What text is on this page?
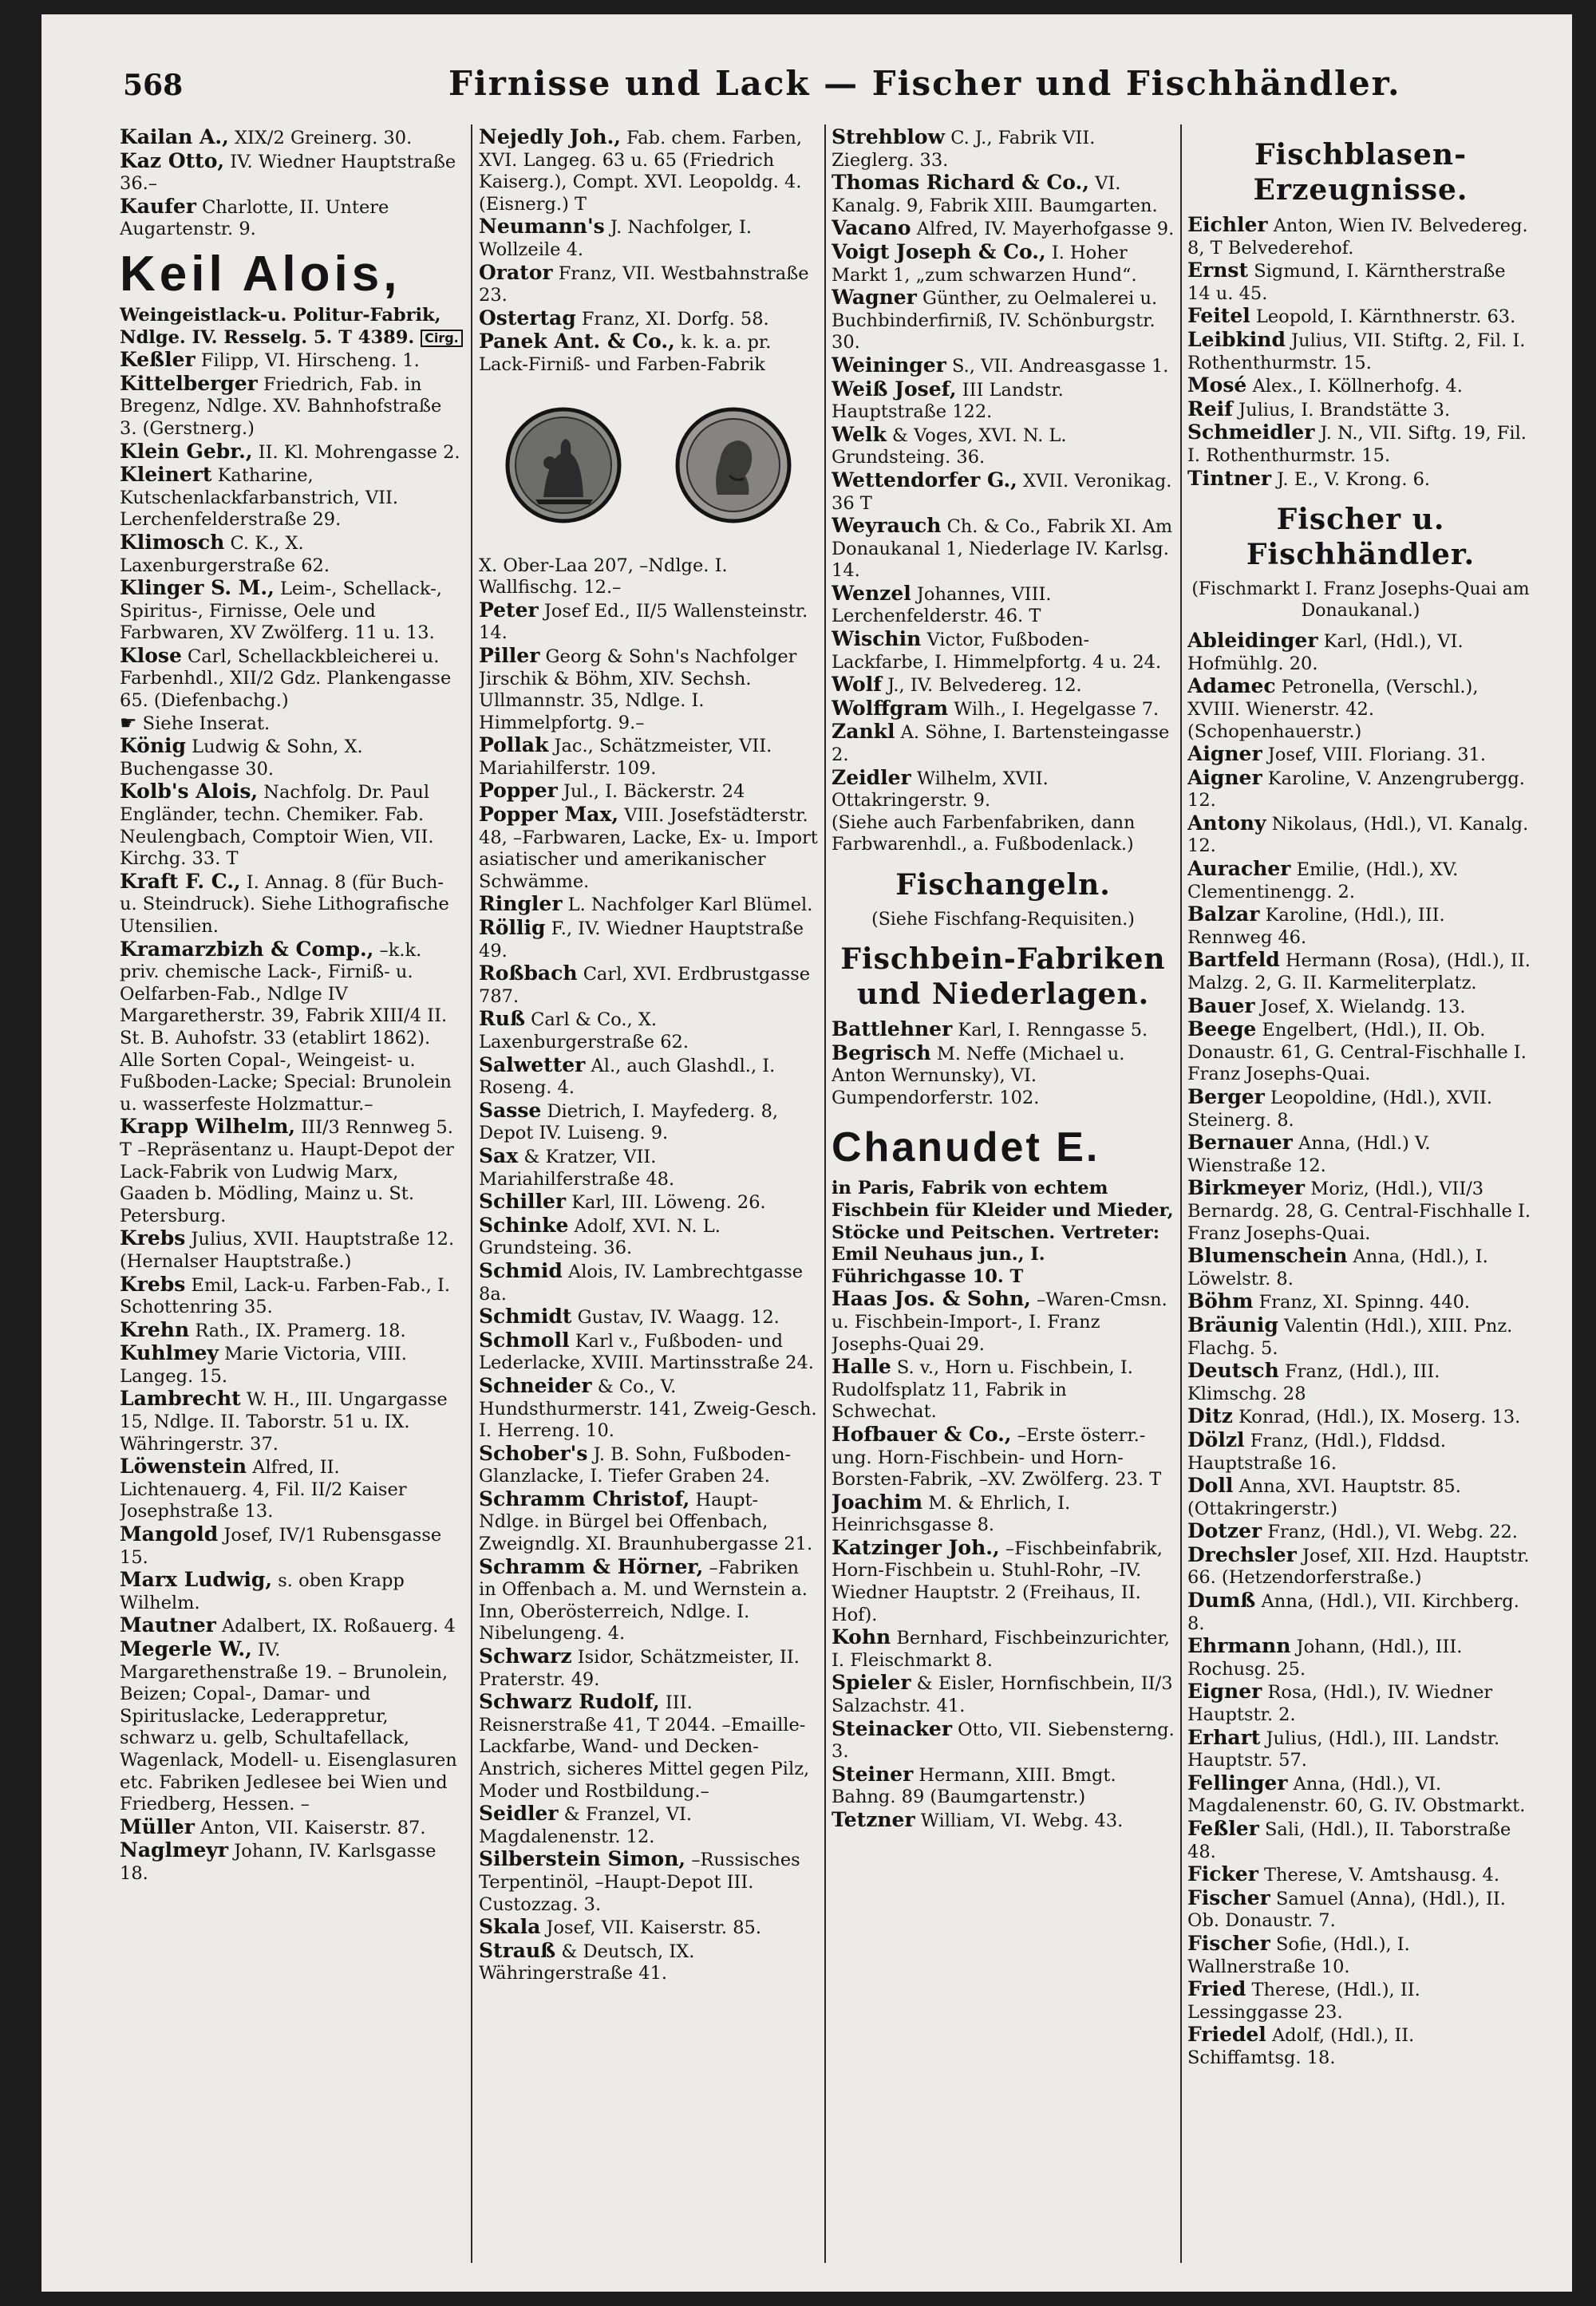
568	Firnisse und Lack — Fischer und Fischhändler.

Kailan A., XIX/2 Greinerg. 30.

Kaz Otto, IV. Wiedner Hauptstraße 36.–

Kaufer Charlotte, II. Untere Augartenstr. 9.

Keil Alois,

Weingeistlack-u. Politur-Fabrik, Ndlge. IV. Resselg. 5. T 4389. Cirg.

Keßler Filipp, VI. Hirscheng. 1.

Kittelberger Friedrich, Fab. in Bregenz, Ndlge. XV. Bahnhofstraße 3. (Gerstnerg.)

Klein Gebr., II. Kl. Mohrengasse 2.

Kleinert Katharine, Kutschenlackfarbanstrich, VII. Lerchenfelderstraße 29.

Klimosch C. K., X. Laxenburgerstraße 62.

Klinger S. M., Leim-, Schellack-, Spiritus-, Firnisse, Oele und Farbwaren, XV Zwölferg. 11 u. 13.

Klose Carl, Schellackbleicherei u. Farbenhdl., XII/2 Gdz. Plankengasse 65. (Diefenbachg.)

☛ Siehe Inserat.

König Ludwig & Sohn, X. Buchengasse 30.

Kolb's Alois, Nachfolg. Dr. Paul Engländer, techn. Chemiker. Fab. Neulengbach, Comptoir Wien, VII. Kirchg. 33. T

Kraft F. C., I. Annag. 8 (für Buch- u. Steindruck). Siehe Lithografische Utensilien.

Kramarzbizh & Comp., –k.k. priv. chemische Lack-, Firniß- u. Oelfarben-Fab., Ndlge IV Margaretherstr. 39, Fabrik XIII/4 II. St. B. Auhofstr. 33 (etablirt 1862). Alle Sorten Copal-, Weingeist- u. Fußboden-Lacke; Special: Brunolein u. wasserfeste Holzmattur.–

Krapp Wilhelm, III/3 Rennweg 5. T –Repräsentanz u. Haupt-Depot der Lack-Fabrik von Ludwig Marx, Gaaden b. Mödling, Mainz u. St. Petersburg.

Krebs Julius, XVII. Hauptstraße 12. (Hernalser Hauptstraße.)

Krebs Emil, Lack-u. Farben-Fab., I. Schottenring 35.

Krehn Rath., IX. Pramerg. 18.

Kuhlmey Marie Victoria, VIII. Langeg. 15.

Lambrecht W. H., III. Ungargasse 15, Ndlge. II. Taborstr. 51 u. IX. Währingerstr. 37.

Löwenstein Alfred, II. Lichtenauerg. 4, Fil. II/2 Kaiser Josephstraße 13.

Mangold Josef, IV/1 Rubensgasse 15.

Marx Ludwig, s. oben Krapp Wilhelm.

Mautner Adalbert, IX. Roßauerg. 4

Megerle W., IV. Margarethenstraße 19. – Brunolein, Beizen; Copal-, Damar- und Spirituslacke, Lederappretur, schwarz u. gelb, Schultafellack, Wagenlack, Modell- u. Eisenglasuren etc. Fabriken Jedlesee bei Wien und Friedberg, Hessen. –

Müller Anton, VII. Kaiserstr. 87.

Naglmeyr Johann, IV. Karlsgasse 18.

Nejedly Joh., Fab. chem. Farben, XVI. Langeg. 63 u. 65 (Friedrich Kaiserg.), Compt. XVI. Leopoldg. 4. (Eisnerg.) T

Neumann's J. Nachfolger, I. Wollzeile 4.

Orator Franz, VII. Westbahnstraße 23.

Ostertag Franz, XI. Dorfg. 58.

Panek Ant. & Co., k. k. a. pr. Lack-Firniß- und Farben-Fabrik

X. Ober-Laa 207, –Ndlge. I. Wallfischg. 12.–

Peter Josef Ed., II/5 Wallensteinstr. 14.

Piller Georg & Sohn's Nachfolger Jirschik & Böhm, XIV. Sechsh. Ullmannstr. 35, Ndlge. I. Himmelpfortg. 9.–

Pollak Jac., Schätzmeister, VII. Mariahilferstr. 109.

Popper Jul., I. Bäckerstr. 24

Popper Max, VIII. Josefstädterstr. 48, –Farbwaren, Lacke, Ex- u. Import asiatischer und amerikanischer Schwämme.

Ringler L. Nachfolger Karl Blümel.

Röllig F., IV. Wiedner Hauptstraße 49.

Roßbach Carl, XVI. Erdbrustgasse 787.

Ruß Carl & Co., X. Laxenburgerstraße 62.

Salwetter Al., auch Glashdl., I. Roseng. 4.

Sasse Dietrich, I. Mayfederg. 8, Depot IV. Luiseng. 9.

Sax & Kratzer, VII. Mariahilferstraße 48.

Schiller Karl, III. Löweng. 26.

Schinke Adolf, XVI. N. L. Grundsteing. 36.

Schmid Alois, IV. Lambrechtgasse 8a.

Schmidt Gustav, IV. Waagg. 12.

Schmoll Karl v., Fußboden- und Lederlacke, XVIII. Martinsstraße 24.

Schneider & Co., V. Hundsthurmerstr. 141, Zweig-Gesch. I. Herreng. 10.

Schober's J. B. Sohn, Fußboden-Glanzlacke, I. Tiefer Graben 24.

Schramm Christof, Haupt-Ndlge. in Bürgel bei Offenbach, Zweigndlg. XI. Braunhubergasse 21.

Schramm & Hörner, –Fabriken in Offenbach a. M. und Wernstein a. Inn, Oberösterreich, Ndlge. I. Nibelungeng. 4.

Schwarz Isidor, Schätzmeister, II. Praterstr. 49.

Schwarz Rudolf, III. Reisnerstraße 41, T 2044. –Emaille-Lackfarbe, Wand- und Decken-Anstrich, sicheres Mittel gegen Pilz, Moder und Rostbildung.–

Seidler & Franzel, VI. Magdalenenstr. 12.

Silberstein Simon, –Russisches Terpentinöl, –Haupt-Depot III. Custozzag. 3.

Skala Josef, VII. Kaiserstr. 85.

Strauß & Deutsch, IX. Währingerstraße 41.

Strehblow C. J., Fabrik VII. Zieglerg. 33.

Thomas Richard & Co., VI. Kanalg. 9, Fabrik XIII. Baumgarten.

Vacano Alfred, IV. Mayerhofgasse 9.

Voigt Joseph & Co., I. Hoher Markt 1, „zum schwarzen Hund“.

Wagner Günther, zu Oelmalerei u. Buchbinderfirniß, IV. Schönburgstr. 30.

Weininger S., VII. Andreasgasse 1.

Weiß Josef, III Landstr. Hauptstraße 122.

Welk & Voges, XVI. N. L. Grundsteing. 36.

Wettendorfer G., XVII. Veronikag. 36 T

Weyrauch Ch. & Co., Fabrik XI. Am Donaukanal 1, Niederlage IV. Karlsg. 14.

Wenzel Johannes, VIII. Lerchenfelderstr. 46. T

Wischin Victor, Fußboden-Lackfarbe, I. Himmelpfortg. 4 u. 24.

Wolf J., IV. Belvedereg. 12.

Wolffgram Wilh., I. Hegelgasse 7.

Zankl A. Söhne, I. Bartensteingasse 2.

Zeidler Wilhelm, XVII. Ottakringerstr. 9.

(Siehe auch Farbenfabriken, dann Farbwarenhdl., a. Fußbodenlack.)

Fischangeln.
(Siehe Fischfang-Requisiten.)
Fischbein-Fabriken und Niederlagen.

Battlehner Karl, I. Renngasse 5.

Begrisch M. Neffe (Michael u. Anton Wernunsky), VI. Gumpendorferstr. 102.

Chanudet E.

in Paris, Fabrik von echtem Fischbein für Kleider und Mieder, Stöcke und Peitschen. Vertreter: Emil Neuhaus jun., I. Führichgasse 10. T

Haas Jos. & Sohn, –Waren-Cmsn. u. Fischbein-Import-, I. Franz Josephs-Quai 29.

Halle S. v., Horn u. Fischbein, I. Rudolfsplatz 11, Fabrik in Schwechat.

Hofbauer & Co., –Erste österr.-ung. Horn-Fischbein- und Horn-Borsten-Fabrik, –XV. Zwölferg. 23. T

Joachim M. & Ehrlich, I. Heinrichsgasse 8.

Katzinger Joh., –Fischbeinfabrik, Horn-Fischbein u. Stuhl-Rohr, –IV. Wiedner Hauptstr. 2 (Freihaus, II. Hof).

Kohn Bernhard, Fischbeinzurichter, I. Fleischmarkt 8.

Spieler & Eisler, Hornfischbein, II/3 Salzachstr. 41.

Steinacker Otto, VII. Siebensterng. 3.

Steiner Hermann, XIII. Bmgt. Bahng. 89 (Baumgartenstr.)

Tetzner William, VI. Webg. 43.

Fischblasen-Erzeugnisse.

Eichler Anton, Wien IV. Belvedereg. 8, T Belvederehof.

Ernst Sigmund, I. Kärntherstraße 14 u. 45.

Feitel Leopold, I. Kärnthnerstr. 63.

Leibkind Julius, VII. Stiftg. 2, Fil. I. Rothenthurmstr. 15.

Mosé Alex., I. Köllnerhofg. 4.

Reif Julius, I. Brandstätte 3.

Schmeidler J. N., VII. Siftg. 19, Fil. I. Rothenthurmstr. 15.

Tintner J. E., V. Krong. 6.

Fischer u. Fischhändler.
(Fischmarkt I. Franz Josephs-Quai am Donaukanal.)

Ableidinger Karl, (Hdl.), VI. Hofmühlg. 20.

Adamec Petronella, (Verschl.), XVIII. Wienerstr. 42. (Schopenhauerstr.)

Aigner Josef, VIII. Floriang. 31.

Aigner Karoline, V. Anzengrubergg. 12.

Antony Nikolaus, (Hdl.), VI. Kanalg. 12.

Auracher Emilie, (Hdl.), XV. Clementinengg. 2.

Balzar Karoline, (Hdl.), III. Rennweg 46.

Bartfeld Hermann (Rosa), (Hdl.), II. Malzg. 2, G. II. Karmeliterplatz.

Bauer Josef, X. Wielandg. 13.

Beege Engelbert, (Hdl.), II. Ob. Donaustr. 61, G. Central-Fischhalle I. Franz Josephs-Quai.

Berger Leopoldine, (Hdl.), XVII. Steinerg. 8.

Bernauer Anna, (Hdl.) V. Wienstraße 12.

Birkmeyer Moriz, (Hdl.), VII/3 Bernardg. 28, G. Central-Fischhalle I. Franz Josephs-Quai.

Blumenschein Anna, (Hdl.), I. Löwelstr. 8.

Böhm Franz, XI. Spinng. 440.

Bräunig Valentin (Hdl.), XIII. Pnz. Flachg. 5.

Deutsch Franz, (Hdl.), III. Klimschg. 28

Ditz Konrad, (Hdl.), IX. Moserg. 13.

Dölzl Franz, (Hdl.), Flddsd. Hauptstraße 16.

Doll Anna, XVI. Hauptstr. 85. (Ottakringerstr.)

Dotzer Franz, (Hdl.), VI. Webg. 22.

Drechsler Josef, XII. Hzd. Hauptstr. 66. (Hetzendorferstraße.)

Dumß Anna, (Hdl.), VII. Kirchberg. 8.

Ehrmann Johann, (Hdl.), III. Rochusg. 25.

Eigner Rosa, (Hdl.), IV. Wiedner Hauptstr. 2.

Erhart Julius, (Hdl.), III. Landstr. Hauptstr. 57.

Fellinger Anna, (Hdl.), VI. Magdalenenstr. 60, G. IV. Obstmarkt.

Feßler Sali, (Hdl.), II. Taborstraße 48.

Ficker Therese, V. Amtshausg. 4.

Fischer Samuel (Anna), (Hdl.), II. Ob. Donaustr. 7.

Fischer Sofie, (Hdl.), I. Wallnerstraße 10.

Fried Therese, (Hdl.), II. Lessinggasse 23.

Friedel Adolf, (Hdl.), II. Schiffamtsg. 18.
